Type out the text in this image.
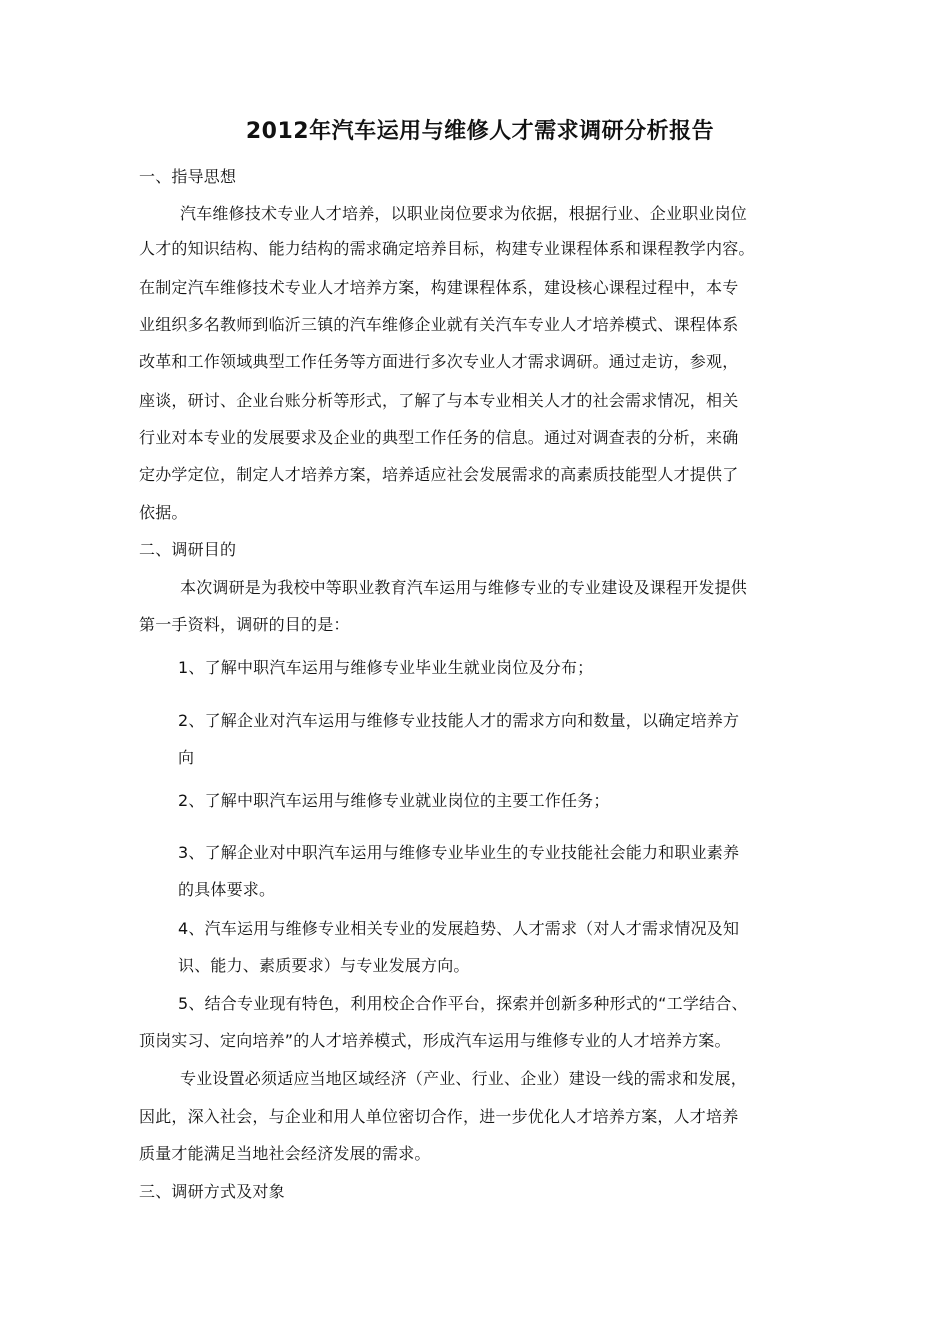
2012年汽车运用与维修人才需求调研分析报告
一、指导思想
汽车维修技术专业人才培养，以职业岗位要求为依据，根据行业、企业职业岗位
人才的知识结构、能力结构的需求确定培养目标，构建专业课程体系和课程教学内容。
在制定汽车维修技术专业人才培养方案，构建课程体系，建设核心课程过程中，本专
业组织多名教师到临沂三镇的汽车维修企业就有关汽车专业人才培养模式、课程体系
改革和工作领域典型工作任务等方面进行多次专业人才需求调研。通过走访，参观，
座谈，研讨、企业台账分析等形式，了解了与本专业相关人才的社会需求情况，相关
行业对本专业的发展要求及企业的典型工作任务的信息。通过对调查表的分析，来确
定办学定位，制定人才培养方案，培养适应社会发展需求的高素质技能型人才提供了
依据。
二、调研目的
本次调研是为我校中等职业教育汽车运用与维修专业的专业建设及课程开发提供
第一手资料，调研的目的是：
1、了解中职汽车运用与维修专业毕业生就业岗位及分布；
2、了解企业对汽车运用与维修专业技能人才的需求方向和数量，以确定培养方
向
2、了解中职汽车运用与维修专业就业岗位的主要工作任务；
3、了解企业对中职汽车运用与维修专业毕业生的专业技能社会能力和职业素养
的具体要求。
4、汽车运用与维修专业相关专业的发展趋势、人才需求（对人才需求情况及知
识、能力、素质要求）与专业发展方向。
5、结合专业现有特色，利用校企合作平台，探索并创新多种形式的“工学结合、
顶岗实习、定向培养”的人才培养模式，形成汽车运用与维修专业的人才培养方案。
专业设置必须适应当地区域经济（产业、行业、企业）建设一线的需求和发展，
因此，深入社会，与企业和用人单位密切合作，进一步优化人才培养方案，人才培养
质量才能满足当地社会经济发展的需求。
三、调研方式及对象
